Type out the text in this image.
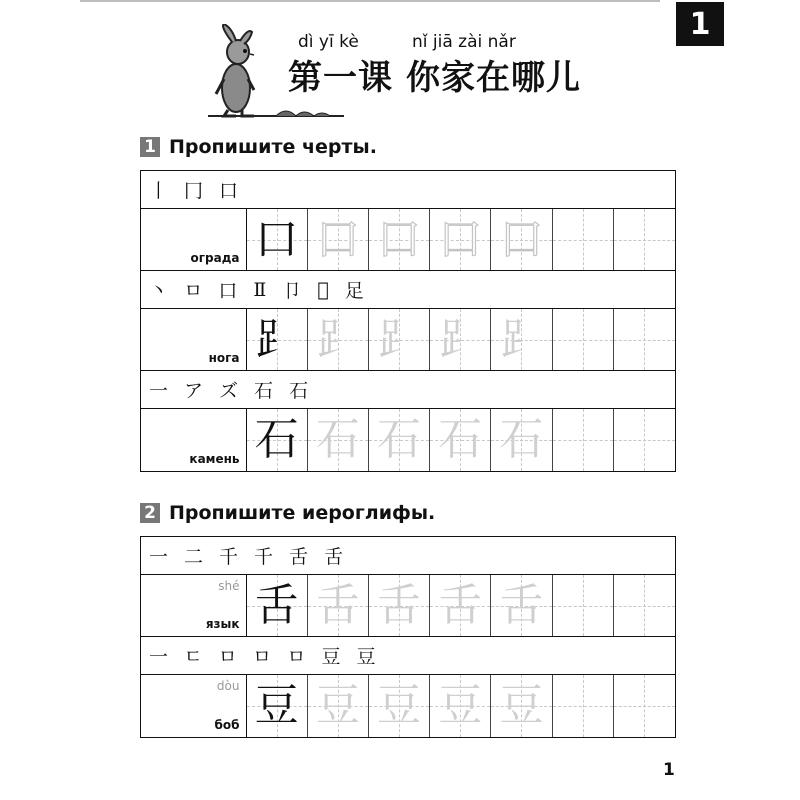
1
dì yī kè	nǐ jiā zài nǎr
第一课 你家在哪儿
1 Пропишите черты.
丨 冂 口
ограда 口 口 口 口 口
丶 ㅁ 口 Ⅱ 卩 𠯁 足
нога ⻊ ⻊ ⻊ ⻊ ⻊
一 ア ズ 石 石
камень 石 石 石 石 石
2 Пропишите иероглифы.
一 二 千 千 舌 舌
shé
язык 舌 舌 舌 舌 舌
一 ㄷ ㅁ ㅁ ㅁ 豆 豆
dòu
боб 豆 豆 豆 豆 豆
1
